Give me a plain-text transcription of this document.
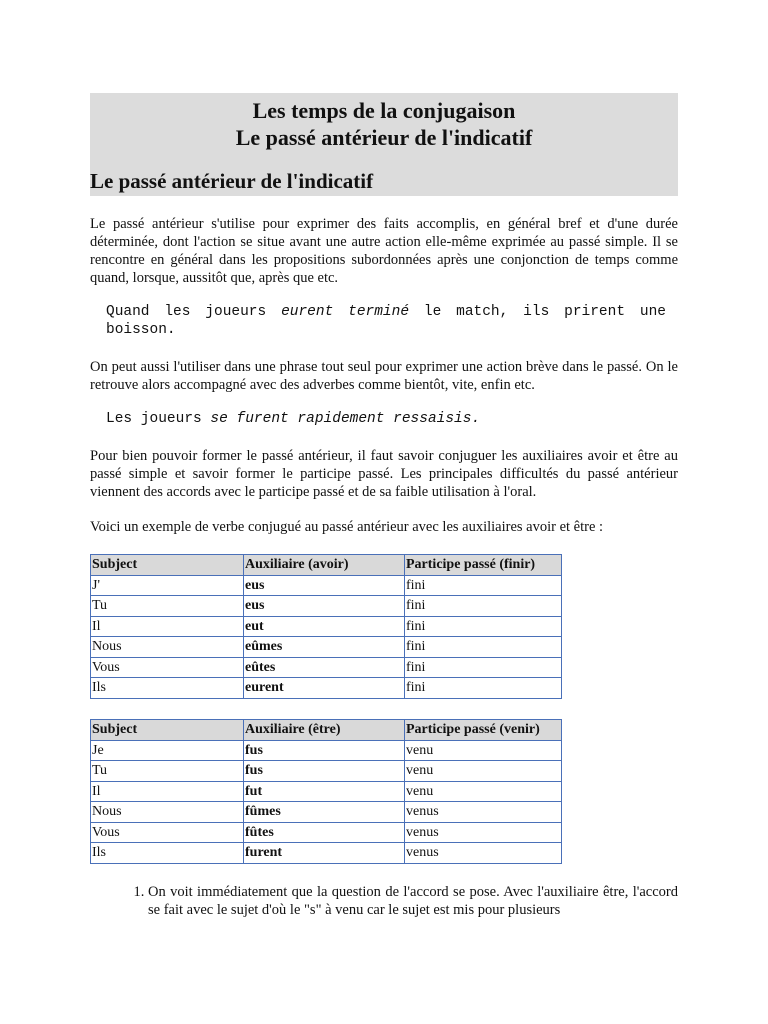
Les temps de la conjugaison
Le passé antérieur de l'indicatif
Le passé antérieur de l'indicatif

Le passé antérieur s'utilise pour exprimer des faits accomplis, en général bref et d'une durée déterminée, dont l'action se situe avant une autre action elle-même exprimée au passé simple. Il se rencontre en général dans les propositions subordonnées après une conjonction de temps comme quand, lorsque, aussitôt que, après que etc.

Quand les joueurs eurent terminé le match, ils prirent une boisson.

On peut aussi l'utiliser dans une phrase tout seul pour exprimer une action brève dans le passé. On le retrouve alors accompagné avec des adverbes comme bientôt, vite, enfin etc.

Les joueurs se furent rapidement ressaisis.

Pour bien pouvoir former le passé antérieur, il faut savoir conjuguer les auxiliaires avoir et être au passé simple et savoir former le participe passé. Les principales difficultés du passé antérieur viennent des accords avec le participe passé et de sa faible utilisation à l'oral.

Voici un exemple de verbe conjugué au passé antérieur avec les auxiliaires avoir et être :

Subject	Auxiliaire (avoir)	Participe passé (finir)
J'	eus	fini
Tu	eus	fini
Il	eut	fini
Nous	eûmes	fini
Vous	eûtes	fini
Ils	eurent	fini
Subject	Auxiliaire (être)	Participe passé (venir)
Je	fus	venu
Tu	fus	venu
Il	fut	venu
Nous	fûmes	venus
Vous	fûtes	venus
Ils	furent	venus
1. On voit immédiatement que la question de l'accord se pose. Avec l'auxiliaire être, l'accord se fait avec le sujet d'où le "s" à venu car le sujet est mis pour plusieurs
